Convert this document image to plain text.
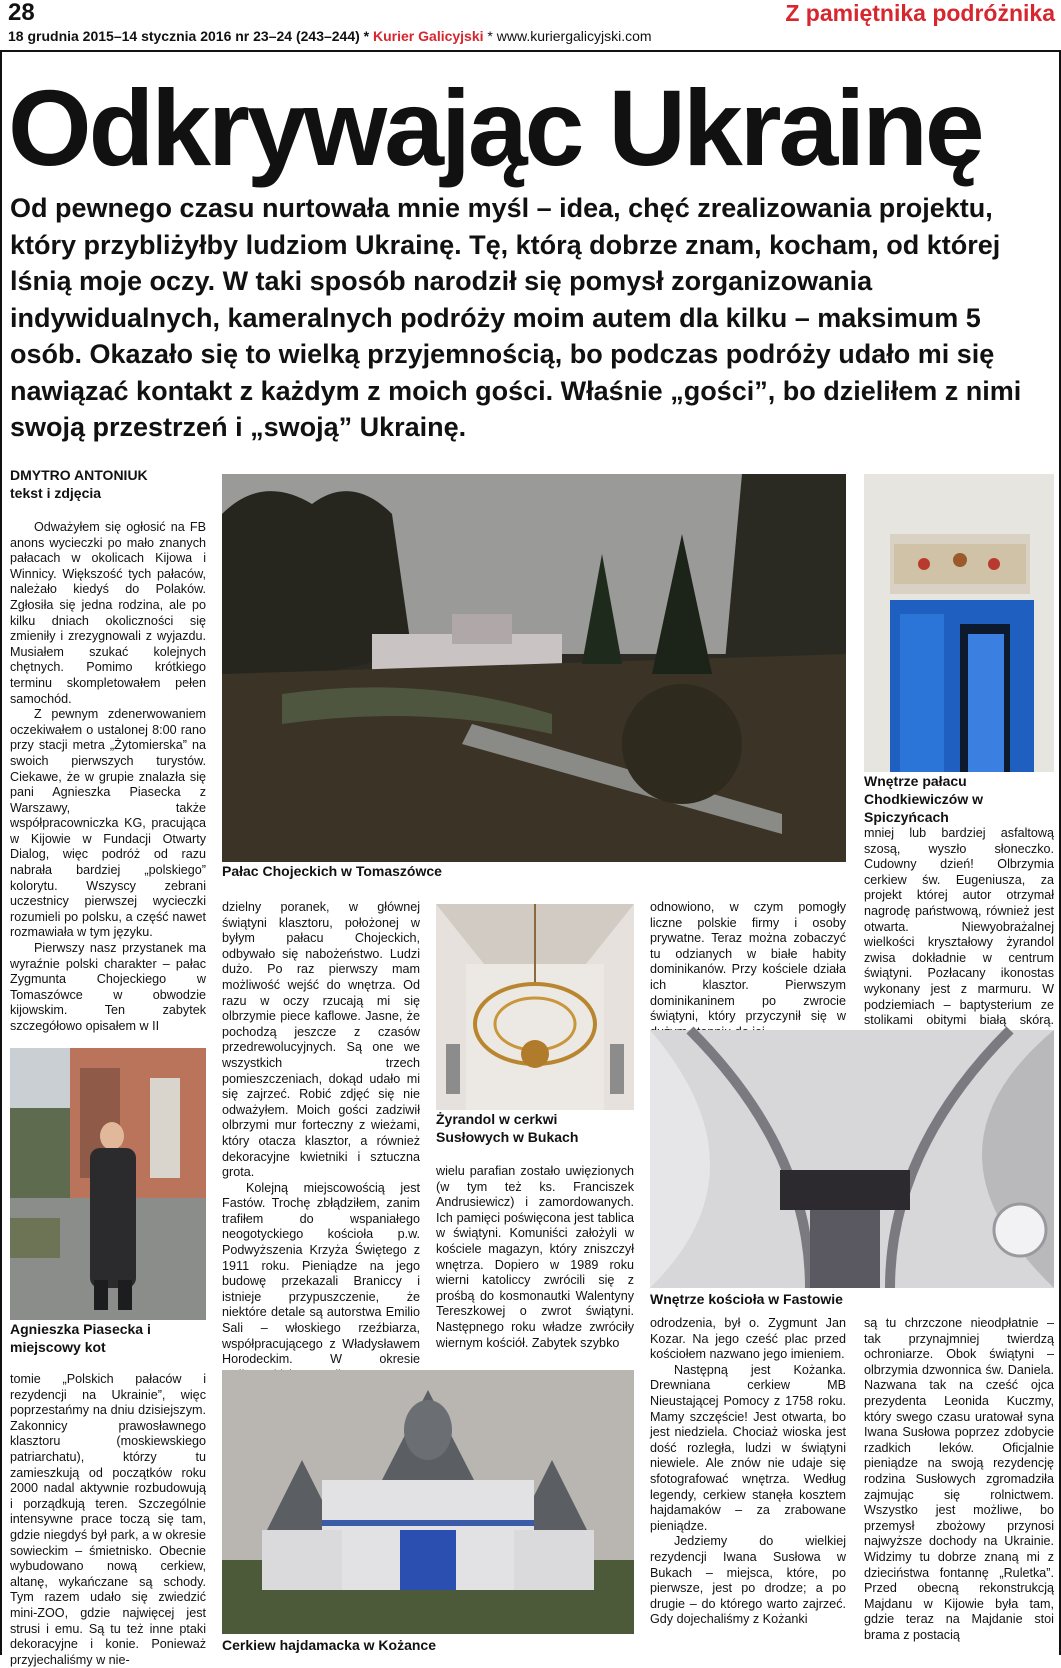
28
18 grudnia 2015–14 stycznia 2016 nr 23–24 (243–244) * Kurier Galicyjski * www.kuriergalicyjski.com
Z pamiętnika podróżnika
Odkrywając Ukrainę
Od pewnego czasu nurtowała mnie myśl – idea, chęć zrealizowania projektu, który przybliżyłby ludziom Ukrainę. Tę, którą dobrze znam, kocham, od której lśnią moje oczy. W taki sposób narodził się pomysł zorganizowania indywidualnych, kameralnych podróży moim autem dla kilku – maksimum 5 osób. Okazało się to wielką przyjemnością, bo podczas podróży udało mi się nawiązać kontakt z każdym z moich gości. Właśnie „gości”, bo dzieliłem z nimi swoją przestrzeń i „swoją” Ukrainę.
DMYTRO ANTONIUK
tekst i zdjęcia

Odważyłem się ogłosić na FB anons wycieczki po mało znanych pałacach w okolicach Kijowa i Winnicy. Większość tych pałaców, należało kiedyś do Polaków. Zgłosiła się jedna rodzina, ale po kilku dniach okoliczności się zmieniły i zrezygnowali z wyjazdu. Musiałem szukać kolejnych chętnych. Pomimo krótkiego terminu skompletowałem pełen samochód.

Z pewnym zdenerwowaniem oczekiwałem o ustalonej 8:00 rano przy stacji metra „Żytomierska” na swoich pierwszych turystów. Ciekawe, że w grupie znalazła się pani Agnieszka Piasecka z Warszawy, także współpracowniczka KG, pracująca w Kijowie w Fundacji Otwarty Dialog, więc podróż od razu nabrała bardziej „polskiego” kolorytu. Wszyscy zebrani uczestnicy pierwszej wycieczki rozumieli po polsku, a część nawet rozmawiała w tym języku.

Pierwszy nasz przystanek ma wyraźnie polski charakter – pałac Zygmunta Chojeckiego w Tomaszówce w obwodzie kijowskim. Ten zabytek szczegółowo opisałem w II

Agnieszka Piasecka i miejscowy kot

tomie „Polskich pałaców i rezydencji na Ukrainie”, więc poprzestańmy na dniu dzisiejszym. Zakonnicy prawosławnego klasztoru (moskiewskiego patriarchatu), którzy tu zamieszkują od początków roku 2000 nadal aktywnie rozbudowują i porządkują teren. Szczególnie intensywne prace toczą się tam, gdzie niegdyś był park, a w okresie sowieckim – śmietnisko. Obecnie wybudowano nową cerkiew, altanę, wykańczane są schody. Tym razem udało się zwiedzić mini-ZOO, gdzie najwięcej jest strusi i emu. Są tu też inne ptaki dekoracyjne i konie. Ponieważ przyjechaliśmy w nie-

Pałac Chojeckich w Tomaszówce

dzielny poranek, w głównej świątyni klasztoru, położonej w byłym pałacu Chojeckich, odbywało się nabożeństwo. Ludzi dużo. Po raz pierwszy mam możliwość wejść do wnętrza. Od razu w oczy rzucają mi się olbrzymie piece kaflowe. Jasne, że pochodzą jeszcze z czasów przedrewolucyjnych. Są one we wszystkich trzech pomieszczeniach, dokąd udało mi się zajrzeć. Robić zdjęć się nie odważyłem. Moich gości zadziwił olbrzymi mur forteczny z wieżami, który otacza klasztor, a również dekoracyjne kwietniki i sztuczna grota.

Kolejną miejscowością jest Fastów. Trochę zbłądziłem, zanim trafiłem do wspaniałego neogotyckiego kościoła p.w. Podwyższenia Krzyża Świętego z 1911 roku. Pieniądze na jego budowę przekazali Braniccy i istnieje przypuszczenie, że niektóre detale są autorstwa Emilio Sali – włoskiego rzeźbiarza, współpracującego z Władysławem Horodeckim. W okresie

Żyrandol w cerkwi Susłowych w Bukach

wielu parafian zostało uwięzionych (w tym też ks. Franciszek Andrusiewicz) i zamordowanych. Ich pamięci poświęcona jest tablica w świątyni. Komuniści założyli w kościele magazyn, który zniszczył wnętrza. Dopiero w 1989 roku wierni katoliccy zwrócili się z prośbą do kosmonautki Walentyny Tereszkowej o zwrot świątyni. Następnego roku władze zwróciły wiernym kościół. Zabytek szybko

odnowiono, w czym pomogły liczne polskie firmy i osoby prywatne. Teraz można zobaczyć tu odzianych w białe habity dominikanów. Przy kościele działa ich klasztor. Pierwszym dominikaninem po zwrocie świątyni, który przyczynił się w

Wnętrze pałacu Chodkiewiczów w Spiczyńcach

mniej lub bardziej asfaltową szosą, wyszło słoneczko. Cudowny dzień! Olbrzymia cerkiew św. Eugeniusza, za projekt której autor otrzymał nagrodę państwową, również jest otwarta. Niewyobrażalnej wielkości kryształowy żyrandol zwisa dokładnie w centrum świątyni. Pozłacany ikonostas wykonany jest z marmuru. W podziemiach – baptysterium ze stolikami obitymi białą skórą.

Wnętrze kościoła w Fastowie
Cerkiew hajdamacka w Kożance

odrodzenia, był o. Zygmunt Jan Kozar. Na jego cześć plac przed kościołem nazwano jego imieniem.

Następną jest Kożanka. Drewniana cerkiew MB Nieustającej Pomocy z 1758 roku. Mamy szczęście! Jest otwarta, bo jest niedziela. Chociaż wioska jest dość rozległa, ludzi w świątyni niewiele. Ale znów nie udaje się sfotografować wnętrza. Według legendy, cerkiew stanęła kosztem hajdamaków – za zrabowane pieniądze.

Jedziemy do wielkiej rezydencji Iwana Susłowa w Bukach – miejsca, które, po pierwsze, jest po drodze; a po drugie – do którego warto zajrzeć. Gdy dojechaliśmy z Kożanki

są tu chrzczone nieodpłatnie – tak przynajmniej twierdzą ochroniarze. Obok świątyni – olbrzymia dzwonnica św. Daniela. Nazwana tak na cześć ojca prezydenta Leonida Kuczmy, który swego czasu uratował syna Iwana Susłowa poprzez zdobycie rzadkich leków. Oficjalnie pieniądze na swoją rezydencję rodzina Susłowych zgromadziła zajmując się rolnictwem. Wszystko jest możliwe, bo przemysł zbożowy przynosi najwyższe dochody na Ukrainie. Widzimy tu dobrze znaną mi z dzieciństwa fontannę „Ruletka”. Przed obecną rekonstrukcją Majdanu w Kijowie była tam, gdzie teraz na Majdanie stoi brama z postacią
